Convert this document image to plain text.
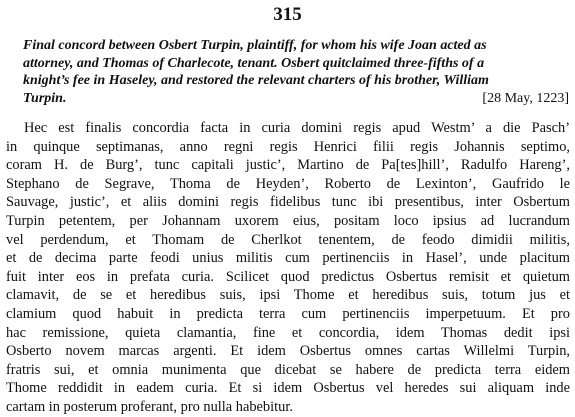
315
Final concord between Osbert Turpin, plaintiff, for whom his wife Joan acted as
attorney, and Thomas of Charlecote, tenant. Osbert quitclaimed three-fifths of a
knight’s fee in Haseley, and restored the relevant charters of his brother, William
Turpin.	[28 May, 1223]
Hec est finalis concordia facta in curia domini regis apud Westm’ a die Pasch’
in quinque septimanas, anno regni regis Henrici filii regis Johannis septimo,
coram H. de Burg’, tunc capitali justic’, Martino de Pa[tes]hill’, Radulfo Hareng’,
Stephano de Segrave, Thoma de Heyden’, Roberto de Lexinton’, Gaufrido le
Sauvage, justic’, et aliis domini regis fidelibus tunc ibi presentibus, inter Osbertum
Turpin petentem, per Johannam uxorem eius, positam loco ipsius ad lucrandum
vel perdendum, et Thomam de Cherlkot tenentem, de feodo dimidii militis,
et de decima parte feodi unius militis cum pertinenciis in Hasel’, unde placitum
fuit inter eos in prefata curia. Scilicet quod predictus Osbertus remisit et quietum
clamavit, de se et heredibus suis, ipsi Thome et heredibus suis, totum jus et
clamium quod habuit in predicta terra cum pertinenciis imperpetuum. Et pro
hac remissione, quieta clamantia, fine et concordia, idem Thomas dedit ipsi
Osberto novem marcas argenti. Et idem Osbertus omnes cartas Willelmi Turpin,
fratris sui, et omnia munimenta que dicebat se habere de predicta terra eidem
Thome reddidit in eadem curia. Et si idem Osbertus vel heredes sui aliquam inde
cartam in posterum proferant, pro nulla habebitur.
